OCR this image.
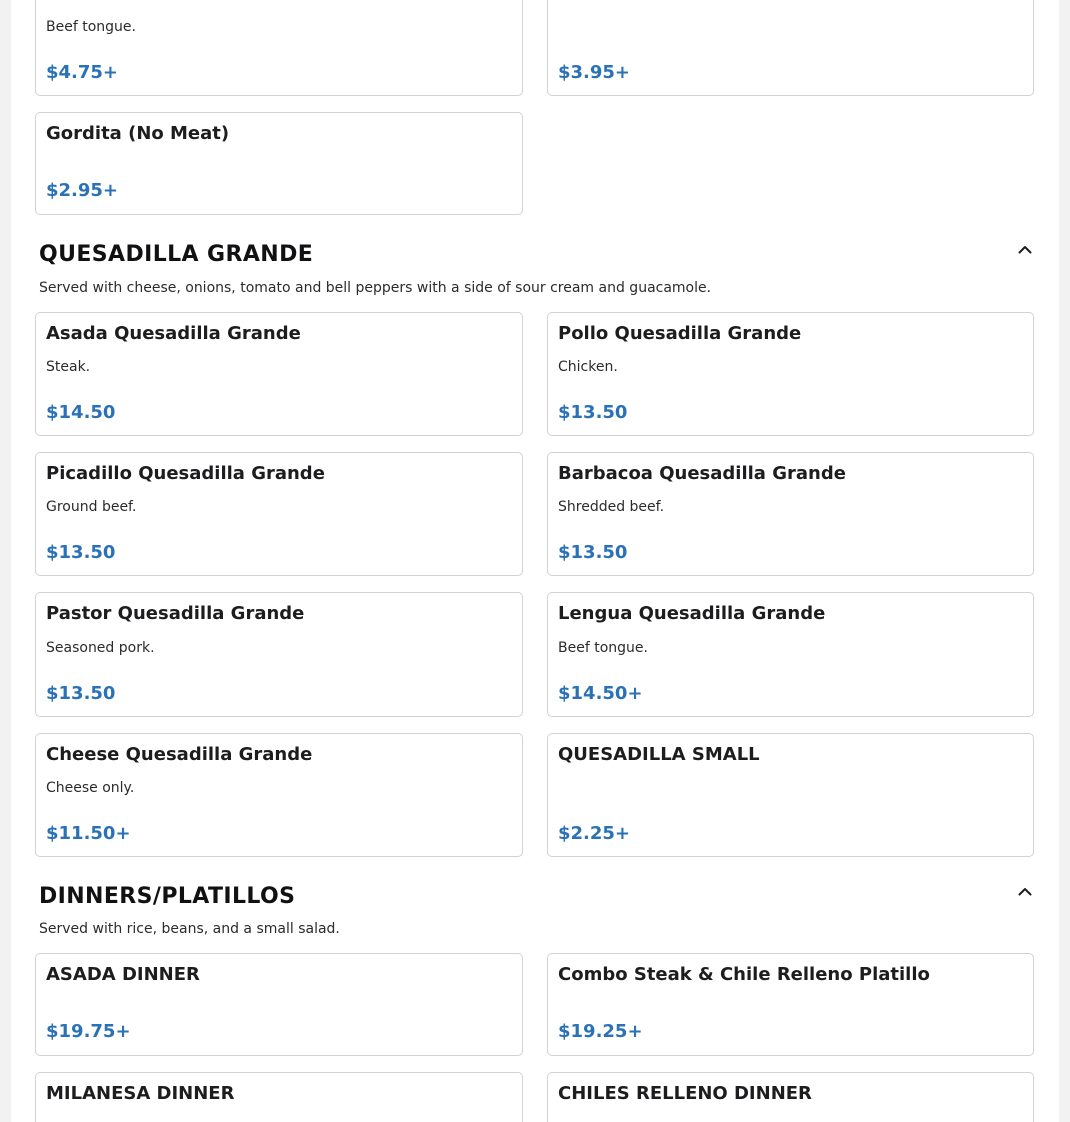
Beef tongue.
$4.75+	$3.95+
Gordita (No Meat)
$2.95+
QUESADILLA GRANDE
Served with cheese, onions, tomato and bell peppers with a side of sour cream and guacamole.
Asada Quesadilla Grande
Steak.
$14.50
Pollo Quesadilla Grande
Chicken.
$13.50
Picadillo Quesadilla Grande
Ground beef.
$13.50
Barbacoa Quesadilla Grande
Shredded beef.
$13.50
Pastor Quesadilla Grande
Seasoned pork.
$13.50
Lengua Quesadilla Grande
Beef tongue.
$14.50+
Cheese Quesadilla Grande
Cheese only.
$11.50+
QUESADILLA SMALL
$2.25+
DINNERS/PLATILLOS
Served with rice, beans, and a small salad.
ASADA DINNER
$19.75+
Combo Steak & Chile Relleno Platillo
$19.25+
MILANESA DINNER	CHILES RELLENO DINNER
